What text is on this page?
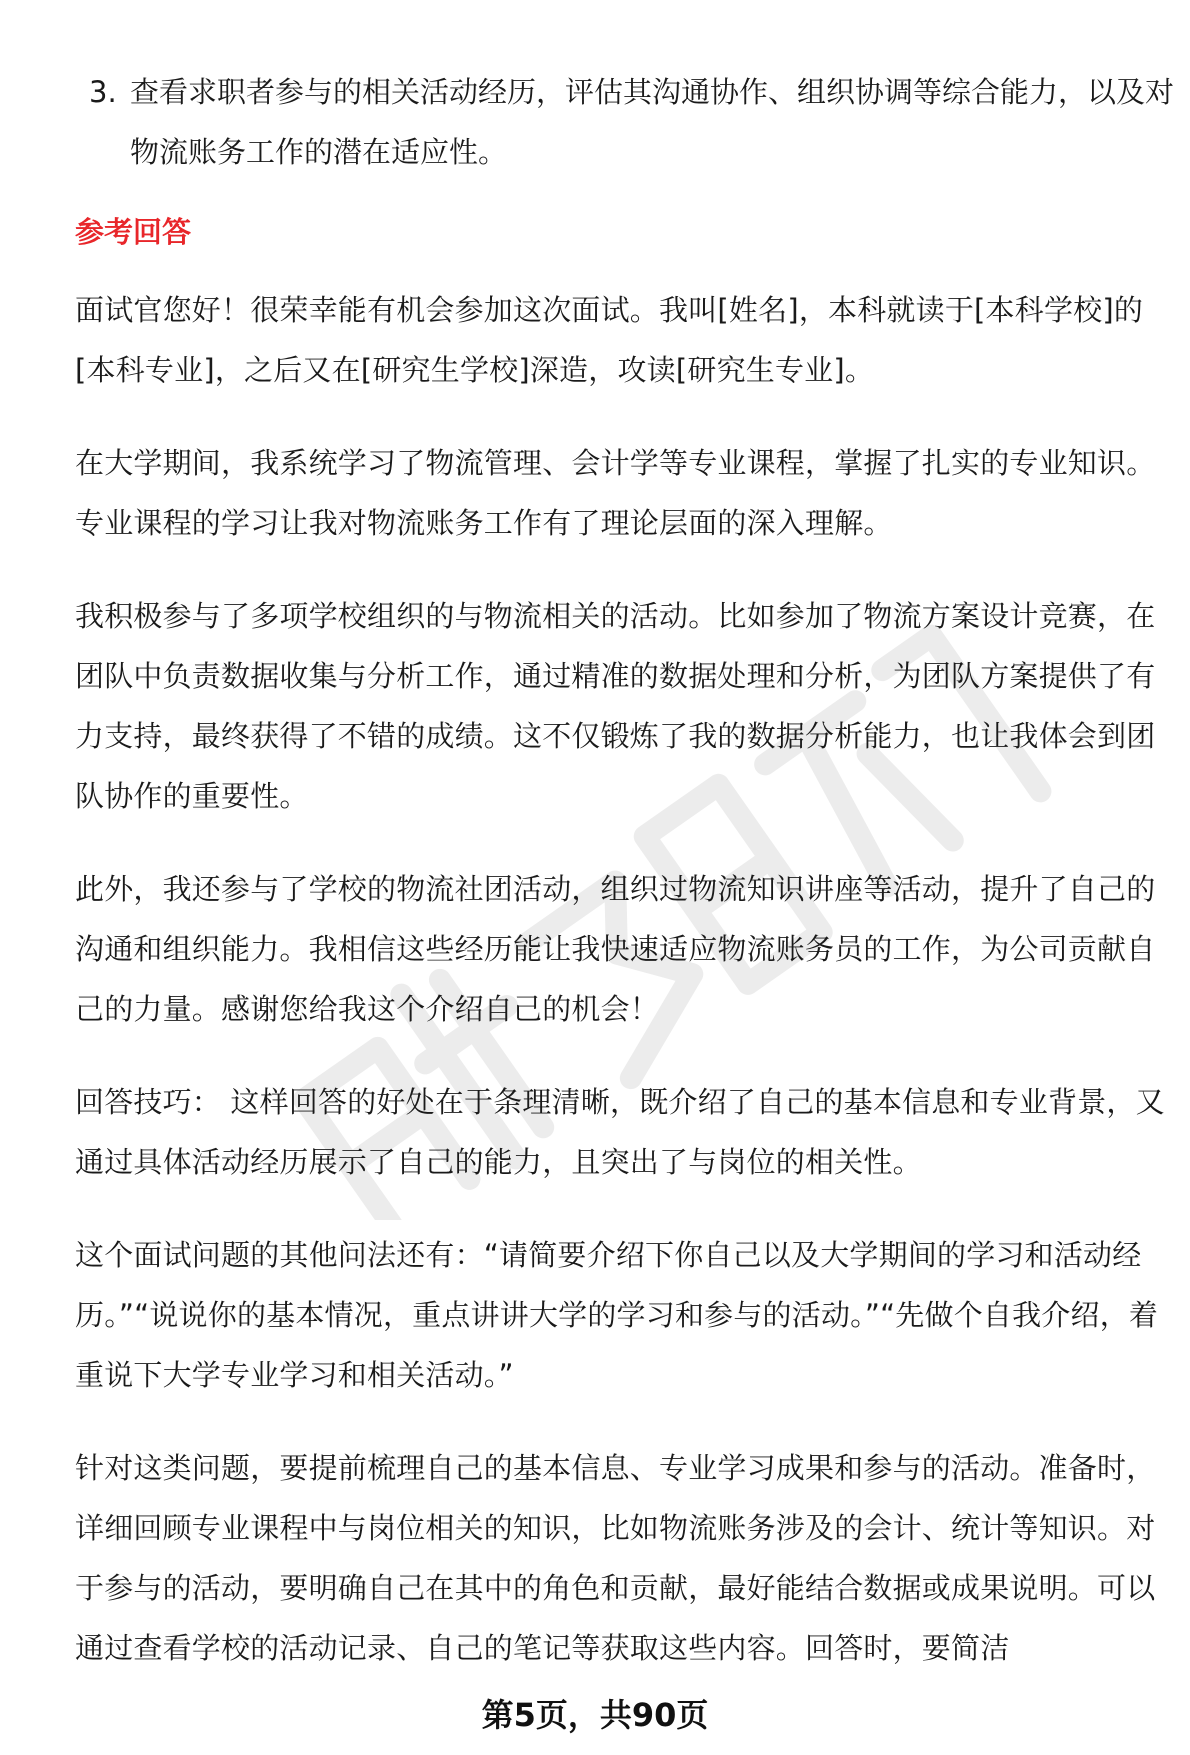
3. 查看求职者参与的相关活动经历，评估其沟通协作、组织协调等综合能力，以及对物流账务工作的潜在适应性。
参考回答

面试官您好！很荣幸能有机会参加这次面试。我叫[姓名]，本科就读于[本科学校]的[本科专业]，之后又在[研究生学校]深造，攻读[研究生专业]。

在大学期间，我系统学习了物流管理、会计学等专业课程，掌握了扎实的专业知识。专业课程的学习让我对物流账务工作有了理论层面的深入理解。

我积极参与了多项学校组织的与物流相关的活动。比如参加了物流方案设计竞赛，在团队中负责数据收集与分析工作，通过精准的数据处理和分析，为团队方案提供了有力支持，最终获得了不错的成绩。这不仅锻炼了我的数据分析能力，也让我体会到团队协作的重要性。

此外，我还参与了学校的物流社团活动，组织过物流知识讲座等活动，提升了自己的沟通和组织能力。我相信这些经历能让我快速适应物流账务员的工作，为公司贡献自己的力量。感谢您给我这个介绍自己的机会！

回答技巧： 这样回答的好处在于条理清晰，既介绍了自己的基本信息和专业背景，又通过具体活动经历展示了自己的能力，且突出了与岗位的相关性。

这个面试问题的其他问法还有：“请简要介绍下你自己以及大学期间的学习和活动经历。”“说说你的基本情况，重点讲讲大学的学习和参与的活动。”“先做个自我介绍，着重说下大学专业学习和相关活动。”

针对这类问题，要提前梳理自己的基本信息、专业学习成果和参与的活动。准备时，详细回顾专业课程中与岗位相关的知识，比如物流账务涉及的会计、统计等知识。对于参与的活动，要明确自己在其中的角色和贡献，最好能结合数据或成果说明。可以通过查看学校的活动记录、自己的笔记等获取这些内容。回答时，要简洁

第5页，共90页
